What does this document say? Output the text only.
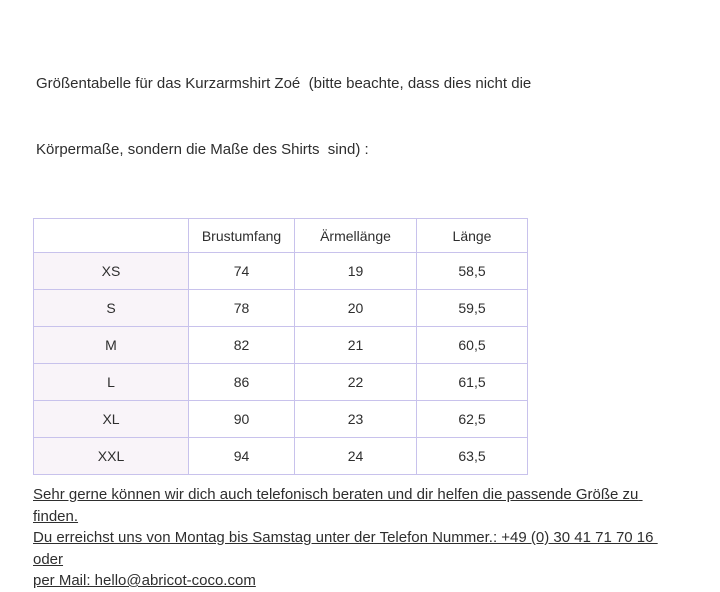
Größentabelle für das Kurzarmshirt Zoé  (bitte beachte, dass dies nicht die

Körpermaße, sondern die Maße des Shirts  sind) :

	Brustumfang	Ärmellänge	Länge
XS	74	19	58,5
S	78	20	59,5
M	82	21	60,5
L	86	22	61,5
XL	90	23	62,5
XXL	94	24	63,5
Sehr gerne können wir dich auch telefonisch beraten und dir helfen die passende Größe zu finden.
Du erreichst uns von Montag bis Samstag unter der Telefon Nummer.: +49 (0) 30 41 71 70 16 oder
per Mail: hello@abricot-coco.com
